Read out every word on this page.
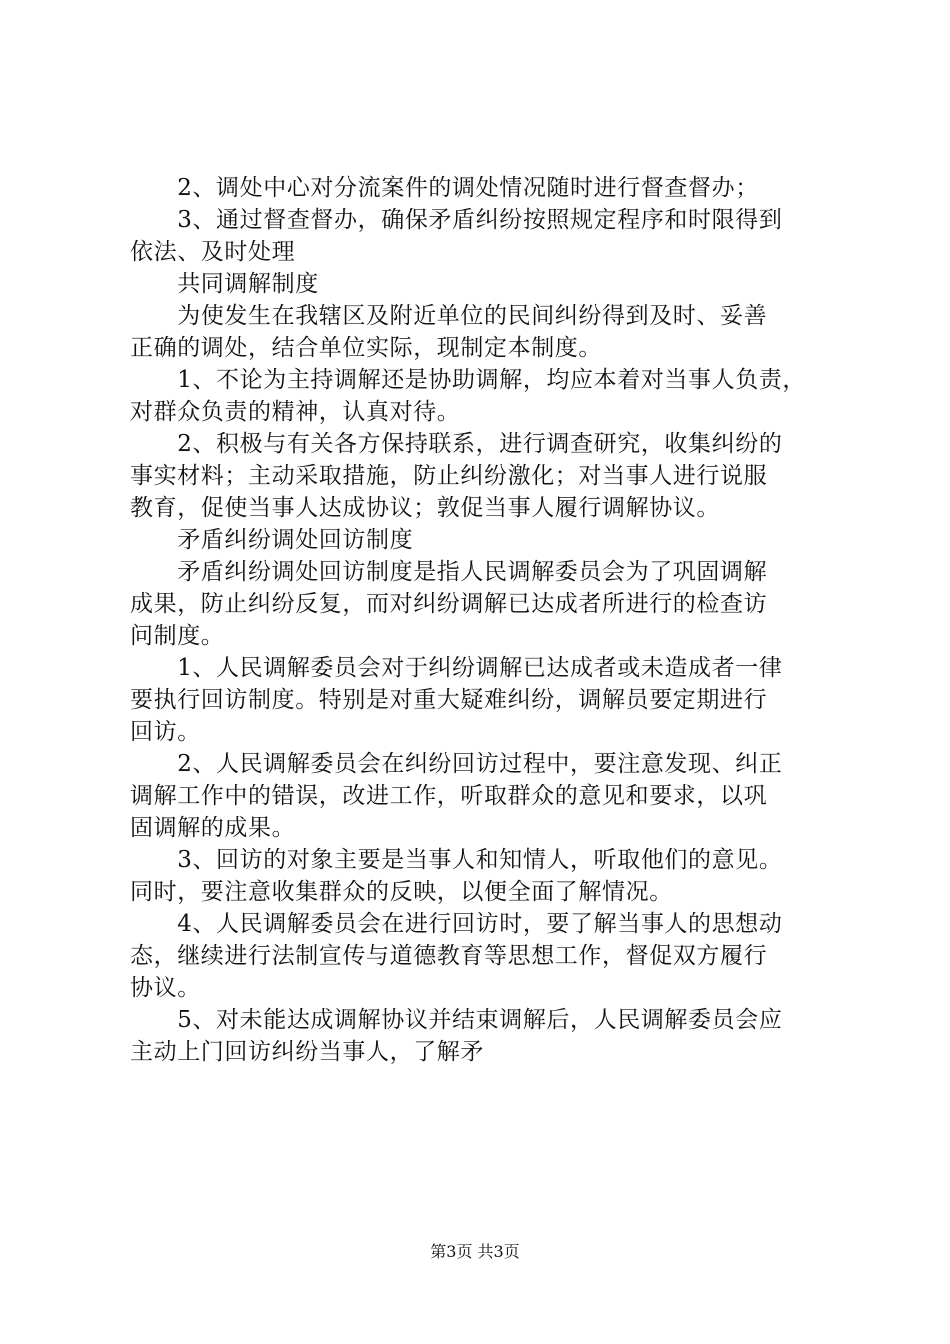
　　2、调处中心对分流案件的调处情况随时进行督查督办；
　　3、通过督查督办，确保矛盾纠纷按照规定程序和时限得到
依法、及时处理
　　共同调解制度
　　为使发生在我辖区及附近单位的民间纠纷得到及时、妥善
正确的调处，结合单位实际，现制定本制度。
　　1、不论为主持调解还是协助调解，均应本着对当事人负责，
对群众负责的精神，认真对待。
　　2、积极与有关各方保持联系，进行调查研究，收集纠纷的
事实材料；主动采取措施，防止纠纷激化；对当事人进行说服
教育，促使当事人达成协议；敦促当事人履行调解协议。
　　矛盾纠纷调处回访制度
　　矛盾纠纷调处回访制度是指人民调解委员会为了巩固调解
成果，防止纠纷反复，而对纠纷调解已达成者所进行的检查访
问制度。
　　1、人民调解委员会对于纠纷调解已达成者或未造成者一律
要执行回访制度。特别是对重大疑难纠纷，调解员要定期进行
回访。
　　2、人民调解委员会在纠纷回访过程中，要注意发现、纠正
调解工作中的错误，改进工作，听取群众的意见和要求，以巩
固调解的成果。
　　3、回访的对象主要是当事人和知情人，听取他们的意见。
同时，要注意收集群众的反映，以便全面了解情况。
　　4、人民调解委员会在进行回访时，要了解当事人的思想动
态，继续进行法制宣传与道德教育等思想工作，督促双方履行
协议。
　　5、对未能达成调解协议并结束调解后，人民调解委员会应
主动上门回访纠纷当事人，了解矛
第3页 共3页
